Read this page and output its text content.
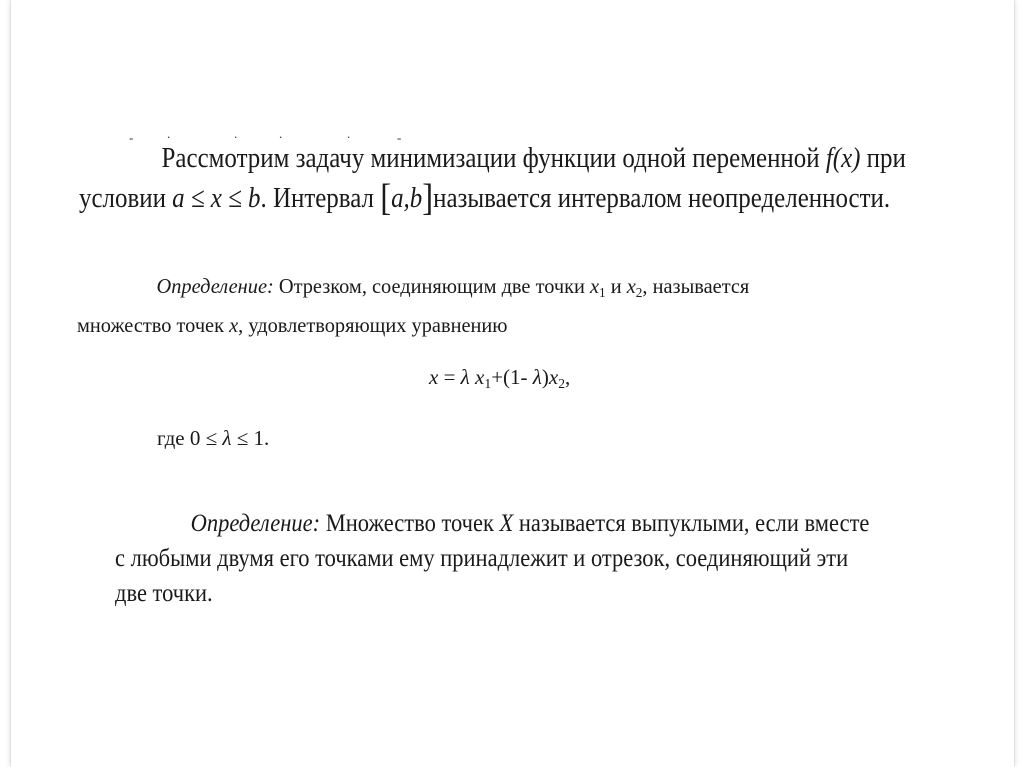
-	.	.	.	.	-
Рассмотрим задачу минимизации функции одной переменной f(x) при
условии a ≤ x ≤ b. Интервал [a,b]называется интервалом неопределенности.
Определение: Отрезком, соединяющим две точки $x_1$ и $x_2$, называется
множество точек x, удовлетворяющих уравнению
x = λ $x_1+(1-$ $\lambda)x_2$,
где 0 ≤ λ ≤ 1.
Определение: Множество точек X называется выпуклыми, если вместе
с любыми двумя его точками ему принадлежит и отрезок, соединяющий эти
две точки.
